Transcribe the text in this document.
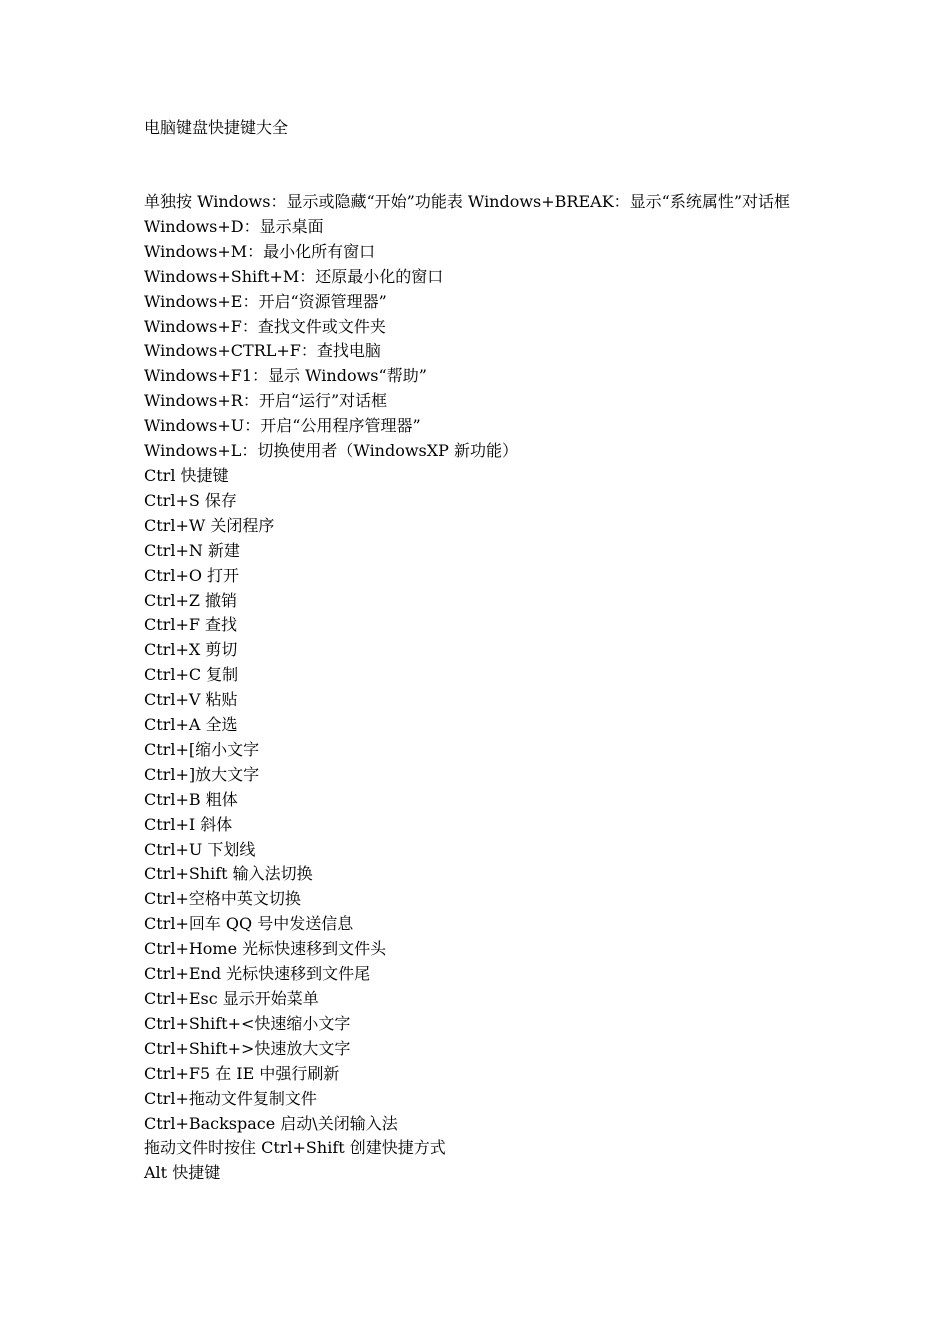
电脑键盘快捷键大全
单独按 Windows：显示或隐藏“开始”功能表 Windows+BREAK：显示“系统属性”对话框
Windows+D：显示桌面
Windows+M：最小化所有窗口
Windows+Shift+M：还原最小化的窗口
Windows+E：开启“资源管理器”
Windows+F：查找文件或文件夹
Windows+CTRL+F：查找电脑
Windows+F1：显示 Windows“帮助”
Windows+R：开启“运行”对话框
Windows+U：开启“公用程序管理器”
Windows+L：切换使用者（WindowsXP 新功能）
Ctrl 快捷键
Ctrl+S 保存
Ctrl+W 关闭程序
Ctrl+N 新建
Ctrl+O 打开
Ctrl+Z 撤销
Ctrl+F 查找
Ctrl+X 剪切
Ctrl+C 复制
Ctrl+V 粘贴
Ctrl+A 全选
Ctrl+[缩小文字
Ctrl+]放大文字
Ctrl+B 粗体
Ctrl+I 斜体
Ctrl+U 下划线
Ctrl+Shift 输入法切换
Ctrl+空格中英文切换
Ctrl+回车 QQ 号中发送信息
Ctrl+Home 光标快速移到文件头
Ctrl+End 光标快速移到文件尾
Ctrl+Esc 显示开始菜单
Ctrl+Shift+<快速缩小文字
Ctrl+Shift+>快速放大文字
Ctrl+F5 在 IE 中强行刷新
Ctrl+拖动文件复制文件
Ctrl+Backspace 启动\关闭输入法
拖动文件时按住 Ctrl+Shift 创建快捷方式
Alt 快捷键
